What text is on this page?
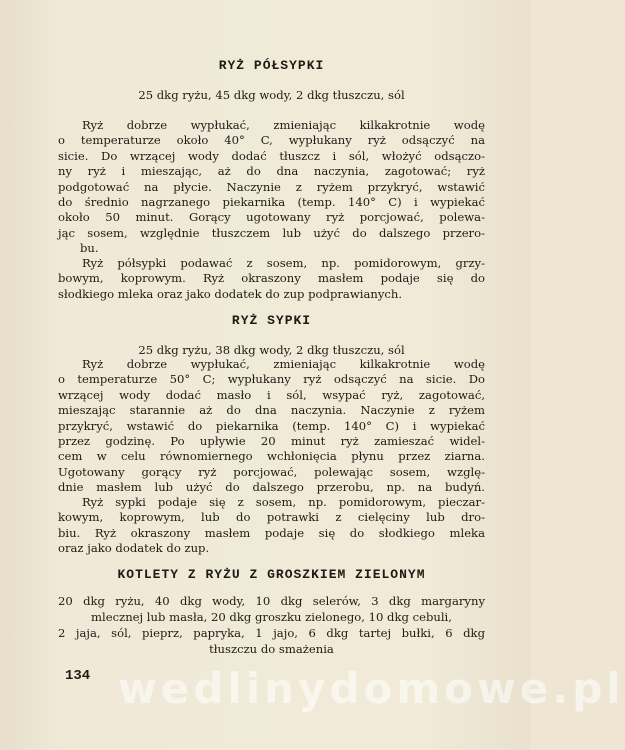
wedlinydomowe.pl
RYŻ PÓŁSYPKI
25 dkg ryżu, 45 dkg wody, 2 dkg tłuszczu, sól
Ryż dobrze wypłukać, zmieniając kilkakrotnie wodę
o temperaturze około 40° C, wypłukany ryż odsączyć na
sicie. Do wrzącej wody dodać tłuszcz i sól, włożyć odsączo-
ny ryż i mieszając, aż do dna naczynia, zagotować; ryż
podgotować na płycie. Naczynie z ryżem przykryć, wstawić
do średnio nagrzanego piekarnika (temp. 140° C) i wypiekać
około 50 minut. Gorący ugotowany ryż porcjować, polewa-
jąc sosem, względnie tłuszczem lub użyć do dalszego przero-
bu.
Ryż półsypki podawać z sosem, np. pomidorowym, grzy-
bowym, koprowym. Ryż okraszony masłem podaje się do
słodkiego mleka oraz jako dodatek do zup podprawianych.
RYŻ SYPKI
25 dkg ryżu, 38 dkg wody, 2 dkg tłuszczu, sól
Ryż dobrze wypłukać, zmieniając kilkakrotnie wodę
o temperaturze 50° C; wypłukany ryż odsączyć na sicie. Do
wrzącej wody dodać masło i sól, wsypać ryż, zagotować,
mieszając starannie aż do dna naczynia. Naczynie z ryżem
przykryć, wstawić do piekarnika (temp. 140° C) i wypiekać
przez godzinę. Po upływie 20 minut ryż zamieszać widel-
cem w celu równomiernego wchłonięcia płynu przez ziarna.
Ugotowany gorący ryż porcjować, polewając sosem, wzglę-
dnie masłem lub użyć do dalszego przerobu, np. na budyń.
Ryż sypki podaje się z sosem, np. pomidorowym, pieczar-
kowym, koprowym, lub do potrawki z cielęciny lub dro-
biu. Ryż okraszony masłem podaje się do słodkiego mleka
oraz jako dodatek do zup.
KOTLETY Z RYŻU Z GROSZKIEM ZIELONYM
20 dkg ryżu, 40 dkg wody, 10 dkg selerów, 3 dkg margaryny
mlecznej lub masła, 20 dkg groszku zielonego, 10 dkg cebuli,
2 jaja, sól, pieprz, papryka, 1 jajo, 6 dkg tartej bułki, 6 dkg
tłuszczu do smażenia
134
